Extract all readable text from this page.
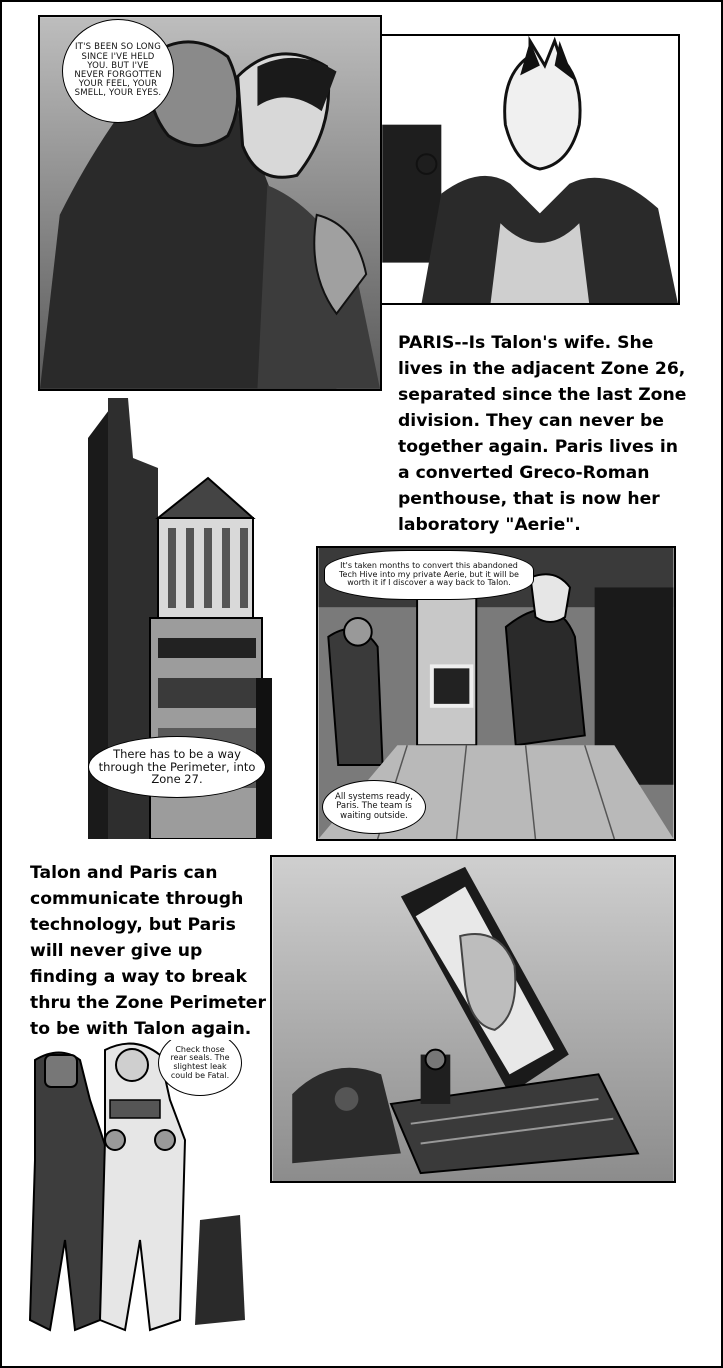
IT'S BEEN SO LONG SINCE I'VE HELD YOU. BUT I'VE NEVER FORGOTTEN YOUR FEEL, YOUR SMELL, YOUR EYES.
PARIS--Is Talon's wife. She
lives in the adjacent Zone 26,
separated since the last Zone
division. They can never be
together again. Paris lives in
a converted Greco-Roman
penthouse, that is now her
laboratory "Aerie".
There has to be a way through the Perimeter, into Zone 27.
It's taken months to convert this abandoned Tech Hive into my private Aerie, but it will be worth it if I discover a way back to Talon.
All systems ready, Paris. The team is waiting outside.
Talon and Paris can
communicate through
technology, but Paris
will never give up
finding a way to break
thru the Zone Perimeter
to be with Talon again.
Check those rear seals. The slightest leak could be Fatal.
